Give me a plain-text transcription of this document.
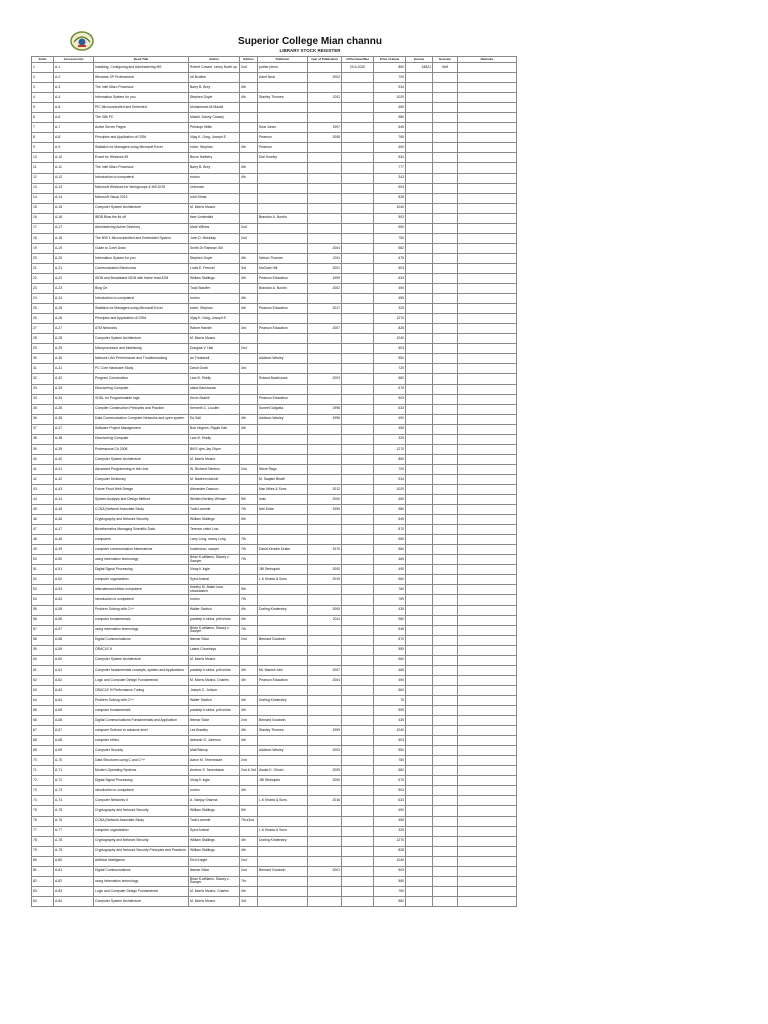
Superior College Mian channu
LIBRARY STOCK REGISTER
Sr.No	Accession No	Book Title	Author	Edition	Publisher	Year of Publication	of Purchase/Rec	Price of Book	Invoice	Souruce	Remarks
1	A-1	Installing, Configuring and Administering MS	Robert Cowart, Lenny North up	2nd	pother plenn		23-6-2020	850	44821	Self	
2	A-2	Windows XP Professional	ob Bodlew		Aderl Noal	2002		700			
3	A-3	The Intel Micro Processor	Barry B. Brey	4th				534			
4	A-4	Information System for you	Stephen Doyle	4th	Stanley Thornes	2011		1020			
5	A-5	PIC Microcontrolled and Embeded	Muhammad Ali Mazidi					455			
6	A-6	The X86 PC	Mazidi, Danny Causey					980			
7	A-7	Active Server Pages	Pelokopi Willie		Snat Jones	1997		645			
8	A-8	Principles and Application of GSM	Vijay K. Garg, Joseph E.		Pearson	2008		765			
9	A-9	Statistics for Managers using Microsoft Excel	evine, Stephan	4th	Pearson			400			
10	A-10	Exard for Windows 95	Bruce Halibery		Don Kowley			534			
11	A-11	The Intel Micro Processor	Barry B. Brey	4th				777			
12	A-12	Introduction to computers!	norton	4th				343			
13	A-13	Microsoft Windows for Workgroups & MS-DOS	Unknown					503			
14	A-14	Microsoft Visual 2013	Iohd Shota					828			
15	A-15	Computer System Architecture	M. Morris Mcano					1040			
16	A-16	IBDB Blow the lid off	Itser Underdahl		Brandon A. Nordin			503			
17	A-17	Administering Active Directory	Mark Wilkins	2nd				550			
18	A-18	The 80S 1 Microcontrolled and Embedded System	John D. Mckinlay	2nd				750			
19	A-19	Guide to Corel Draw	Smith Dr Rahman Gill			2004		582			
20	A-20	Information System for you	Stephen Doyle	4th	Nelson Thornes	2011		675			
21	A-21	Communication Electronics	Louis E. Frenzel	3rd	McGraw Hill	2001		503			
22	A-22	ISDN and Broadband ISDN with frame read ATM	William Stallings	4th	Pearson Education	1999		633			
23	A-23	Blog On	Todd Stauffer		Brandon A. Nordin	2002		490			
24	A-24	Introduction to computers!	norton	4th				455			
25	A-25	Statistics for Managers using Microsoft Excel	evine, Stephan	4th	Pearson Education	2017		325			
26	A-26	Principles and Application of GSM	Vijay K. Garg, Joseph E.					1270			
27	A-27	ATM Networks	Rainer Handel	3rd	Pearson Education	2007		828			
28	A-28	Computer System Architecture	M. Morris Mcano					1040			
29	A-29	Microprocessor and Interfacing	Douglas V. Hall	2nd				503			
30	A-30	Network LAN Performance and Troubleshooting	an Treadwell		Addison-Wesley			550			
31	A-31	PC Core Hardware Study	David Groth	3rd				720			
32	A-32	Program Construction	Larz B. Shelly		Roland Backhouse	2003		582			
33	A-33	Discovering Computer	oland Backhouse					675			
34	A-34	VHDL for Programmable logic	Kevin Skahill		Pearson Education			503			
35	A-35	Compiler Construction Principles and Practice	Kenneth C. Louden		Suneel Galgotia	1998		633			
36	A-36	Data Communication Computer Networks and open system	Ed Sall	4th	Addison-Wesley	1996		490			
37	A-37	Software Project Management	Bob Hughes, Ripple Kall	4th				455			
38	A-38	Discovering Computer	Larz B. Shelly					325			
39	A-39	Professional C# 2008	Bill E vjen,Jay Glynn					1270			
40	A-40	Computer System Architecture	M. Morris Mcano					855			
41	A-41	Advanced Programming in the Unix	W. Richard Stevens	2nd	Steve Rago			700			
42	A-42	Computer Dictionary	M. Nadeem Ashraf		M. Saqlain Bhatti			534			
43	A-43	Future Proof Web Design	Alexander Dawson		Nan Wiles & Sons	2012		1020			
44	A-44	System Analysis and Design Method	Whitten Bentley Whnam	5th	Irwin	2000		455			
45	A-45	CCNA (Network Associate Study	Todd Lammle	7th	Neil Edde	1999		980			
46	A-46	Cryptography and Network Security	William Stallings	5th				645			
47	A-47	Bioinformatics Managing Scientific Data	Terence critch Low					870			
48	A-48	computers	Larry Long, nancy Long	7th				555			
49	A-49	computer communication informations	hutchinson, sawyer	7th	David Kendric Drake	1970		560			
50	A-50	using information technology	Brian K.williams, Stacey c. Sawyer	7th				465			
51	A-51	Digital Signal Processing	Vinay K Ingle		JBI Steinquist	2000		490			
52	A-52	computer organization	Syed Aminal		L.K Kharta & Sons	2019		560			
53	A-53	international edition computers!	timothy M. Baker lona shockwatch	5th				760			
54	A-54	introduction to computers!	norton	7th				769			
55	A-55	Problem Solving with C++	Walter Savitch	4th	Dorling Kindersley	2005		435			
56	A-56	computer fundamentals	pradeep k.sinha, priti sinha	4th		2011		980			
57	A-57	using information technology	Brian K.williams, Stacey c. Sawyer	7th				645			
58	A-58	Digital Communications	lbemar Sklar	2nd	Bernard Goodwin			870			
59	A-59	ORACLE 8	Lalent Chowbeys					555			
60	A-60	Computer System Architecture	M. Morris Mcano					560			
61	A-61	Computer fundamentals concepts, system and Applications	pradeep k.sinha, priti sinha	4th	Mr. Manish Jain	2007		465			
62	A-62	Logic and Computer Design Fundamental	M. Morris Mcano, Charles	4th	Pearson Education	2004		490			
63	A-63	ORACLE 9i Performance Tuning	Joseph C. Johson					560			
64	A-64	Problem Solving with C++	Walter Savitch	4th	Dorling Kindersley			75			
65	A-65	computer fundamentals	pradeep k.sinha, priti sinha	4th				509			
66	A-66	Digital Communications Fundamentals and Application	lbemar Sklar	2nd	Bernard Goodwin			435			
67	A-67	computer Science to advance level	Les Bradley	4th	Stanley Thornes	1999		1040			
68	A-68	computer ethics	deborah G. Johnson	4th				503			
69	A-69	Computer Security	Matt Bishop		Addison-Wesley	2003		550			
70	A-70	Data Structures using C and C++	Aaron M. Tenenbaum	2nd				750			
71	A-71	Modern Operating Systems	Andrew S. Tanenbaum	2nd & 3rd	Asoke K. Ghosh	2005		582			
72	A-72	Digital Signal Processing	Vinay K Ingle		JBI Steinquist	2000		675			
73	A-73	introduction to computers!	norton	4th				503			
74	A-74	Computer Networks II	A. Sanjay Sharma		L.K Kharta & Sons	2016		633			
75	A-75	Cryptography and Network Security	William Stallings	5th				490			
76	A-76	CCNA (Network Associate Study	Todd Lammle	7th,s2nd				455			
77	A-77	computer organization	Syed Aminal		L.K Kharta & Sons			325			
78	A-78	Cryptography and Network Security	William Stallings	4th	Dorling Kindersley			1270			
79	A-79	Cryptography and Network Security Principles and Practices	William Stallings	4th				828			
80	A-80	Artificial Intelligence	Elch Knight	2nd				1040			
81	A-81	Digital Communications	lbemar Sklar	2nd	Bernard Goodwin	2001		503			
82	A-82	using information technology	Brian K.williams, Stacey c. Sawyer	7th				550			
83	A-83	Logic and Computer Design Fundamental	M. Morris Mcano, Charles	4th				750			
84	A-84	Computer System Architecture	M. Morris Mcano	3rd				582			
